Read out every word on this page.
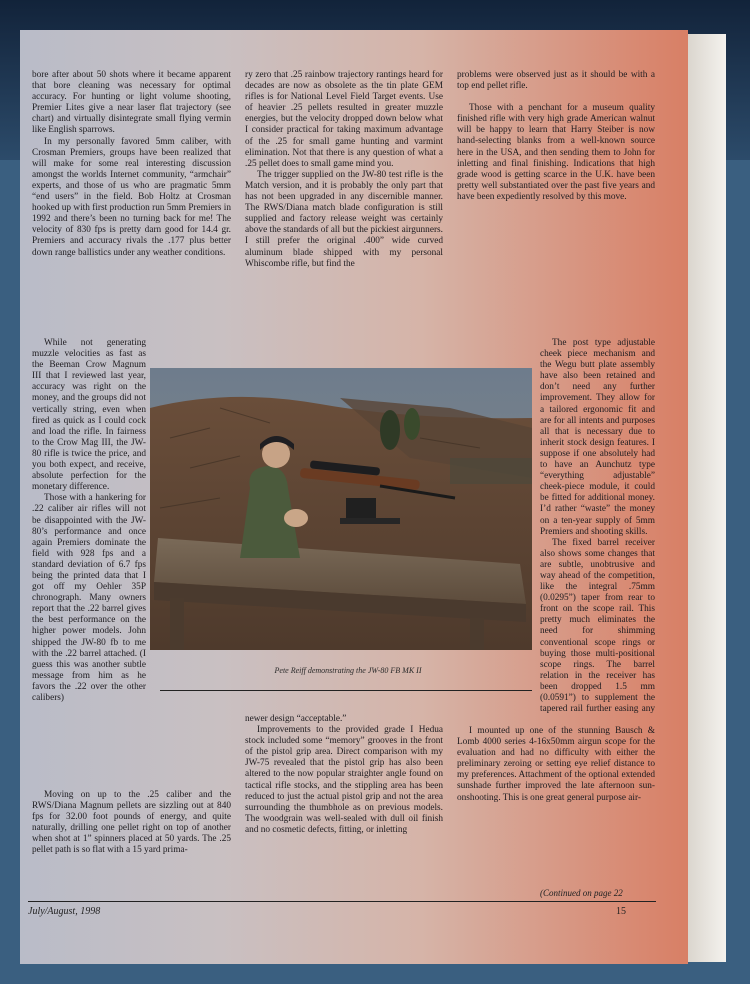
bore after about 50 shots where it became apparent that bore cleaning was necessary for optimal accuracy. For hunting or light volume shooting, Premier Lites give a near laser flat trajectory (see chart) and virtually disintegrate small flying vermin like English sparrows.

In my personally favored 5mm caliber, with Crosman Premiers, groups have been realized that will make for some real interesting discussion amongst the worlds Internet community, “armchair” experts, and those of us who are pragmatic 5mm “end users” in the field. Bob Holtz at Crosman hooked up with first production run 5mm Premiers in 1992 and there’s been no turning back for me! The velocity of 830 fps is pretty darn good for 14.4 gr. Premiers and accuracy rivals the .177 plus better down range ballistics under any weather conditions.

While not generating muzzle velocities as fast as the Beeman Crow Magnum III that I reviewed last year, accuracy was right on the money, and the groups did not vertically string, even when fired as quick as I could cock and load the rifle. In fairness to the Crow Mag III, the JW-80 rifle is twice the price, and you both expect, and receive, absolute perfection for the monetary difference.

Those with a hankering for .22 caliber air rifles will not be disappointed with the JW-80’s performance and once again Premiers dominate the field with 928 fps and a standard deviation of 6.7 fps being the printed data that I got off my Oehler 35P chronograph. Many owners report that the .22 barrel gives the best performance on the higher power models. John shipped the JW-80 fb to me with the .22 barrel attached. (I guess this was another subtle message from him as he favors the .22 over the other calibers)

Moving on up to the .25 caliber and the RWS/Diana Magnum pellets are sizzling out at 840 fps for 32.00 foot pounds of energy, and quite naturally, drilling one pellet right on top of another when shot at 1” spinners placed at 50 yards. The .25 pellet path is so flat with a 15 yard prima-

ry zero that .25 rainbow trajectory rantings heard for decades are now as obsolete as the tin plate GEM rifles is for National Level Field Target events. Use of heavier .25 pellets resulted in greater muzzle energies, but the velocity dropped down below what I consider practical for taking maximum advantage of the .25 for small game hunting and varmint elimination. Not that there is any question of what a .25 pellet does to small game mind you.

The trigger supplied on the JW-80 test rifle is the Match version, and it is probably the only part that has not been upgraded in any discernible manner. The RWS/Diana match blade configuration is still supplied and factory release weight was certainly above the standards of all but the pickiest airgunners. I still prefer the original .400” wide curved aluminum blade shipped with my personal Whiscombe rifle, but find the

newer design “acceptable.”

Improvements to the provided grade I Hedua stock included some “memory” grooves in the front of the pistol grip area. Direct comparison with my JW-75 revealed that the pistol grip has also been altered to the now popular straighter angle found on tactical rifle stocks, and the stippling area has been reduced to just the actual pistol grip and not the area surrounding the thumbhole as on previous models. The woodgrain was well-sealed with dull oil finish and no cosmetic defects, fitting, or inletting

problems were observed just as it should be with a top end pellet rifle.

Those with a penchant for a museum quality finished rifle with very high grade American walnut will be happy to learn that Harry Steiber is now hand-selecting blanks from a well-known source here in the USA, and then sending them to John for inletting and final finishing. Indications that high grade wood is getting scarce in the U.K. have been pretty well substantiated over the past five years and have been expediently resolved by this move.

The post type adjustable cheek piece mechanism and the Wegu butt plate assembly have also been retained and don’t need any further improvement. They allow for a tailored ergonomic fit and are for all intents and purposes all that is necessary due to inherit stock design features. I suppose if one absolutely had to have an Aunchutz type “everything adjustable” cheek-piece module, it could be fitted for additional money. I’d rather “waste” the money on a ten-year supply of 5mm Premiers and shooting skills.

The fixed barrel receiver also shows some changes that are subtle, unobtrusive and way ahead of the competition, like the integral .75mm (0.0295”) taper from rear to front on the scope rail. This pretty much eliminates the need for shimming conventional scope rings or buying those multi-positional scope rings. The barrel relation in the receiver has been dropped 1.5 mm (0.0591”) to supplement the tapered rail further easing any

I mounted up one of the stunning Bausch & Lomb 4000 series 4-16x50mm airgun scope for the evaluation and had no difficulty with either the preliminary zeroing or setting eye relief distance to my preferences. Attachment of the optional extended sunshade further improved the late afternoon sun-onshooting. This is one great general purpose air-

Pete Reiff demonstrating the JW-80 FB MK II
(Continued on page 22
July/August, 1998	15
